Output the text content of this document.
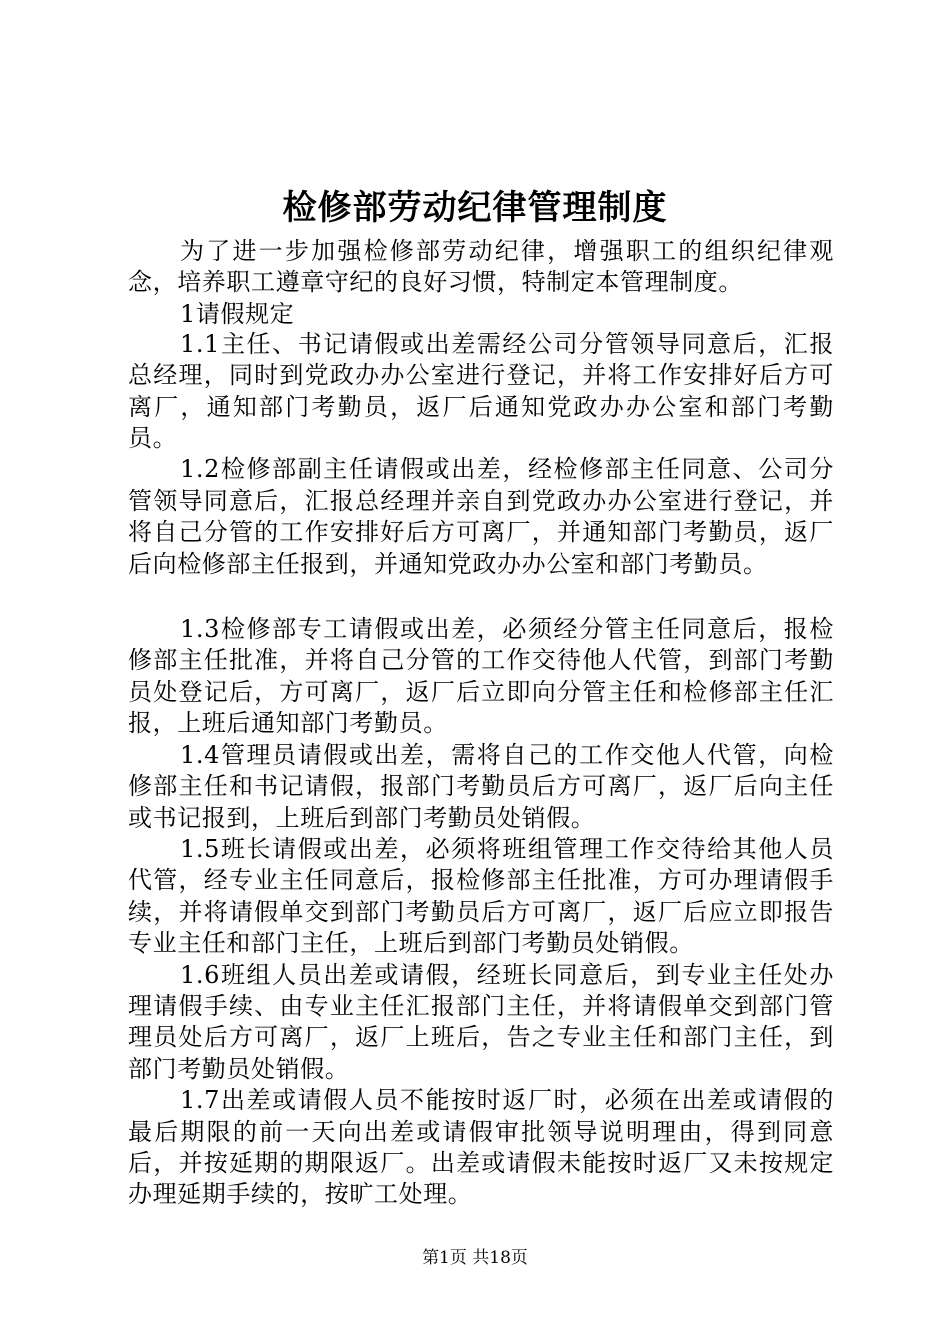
检修部劳动纪律管理制度

为了进一步加强检修部劳动纪律，增强职工的组织纪律观念，培养职工遵章守纪的良好习惯，特制定本管理制度。

1请假规定

1.1主任、书记请假或出差需经公司分管领导同意后，汇报总经理，同时到党政办办公室进行登记，并将工作安排好后方可离厂，通知部门考勤员，返厂后通知党政办办公室和部门考勤员。

1.2检修部副主任请假或出差，经检修部主任同意、公司分管领导同意后，汇报总经理并亲自到党政办办公室进行登记，并将自己分管的工作安排好后方可离厂，并通知部门考勤员，返厂后向检修部主任报到，并通知党政办办公室和部门考勤员。

1.3检修部专工请假或出差，必须经分管主任同意后，报检修部主任批准，并将自己分管的工作交待他人代管，到部门考勤员处登记后，方可离厂，返厂后立即向分管主任和检修部主任汇报，上班后通知部门考勤员。

1.4管理员请假或出差，需将自己的工作交他人代管，向检修部主任和书记请假，报部门考勤员后方可离厂，返厂后向主任或书记报到，上班后到部门考勤员处销假。

1.5班长请假或出差，必须将班组管理工作交待给其他人员代管，经专业主任同意后，报检修部主任批准，方可办理请假手续，并将请假单交到部门考勤员后方可离厂，返厂后应立即报告专业主任和部门主任，上班后到部门考勤员处销假。

1.6班组人员出差或请假，经班长同意后，到专业主任处办理请假手续、由专业主任汇报部门主任，并将请假单交到部门管理员处后方可离厂，返厂上班后，告之专业主任和部门主任，到部门考勤员处销假。

1.7出差或请假人员不能按时返厂时，必须在出差或请假的最后期限的前一天向出差或请假审批领导说明理由，得到同意后，并按延期的期限返厂。出差或请假未能按时返厂又未按规定办理延期手续的，按旷工处理。

第1页 共18页
